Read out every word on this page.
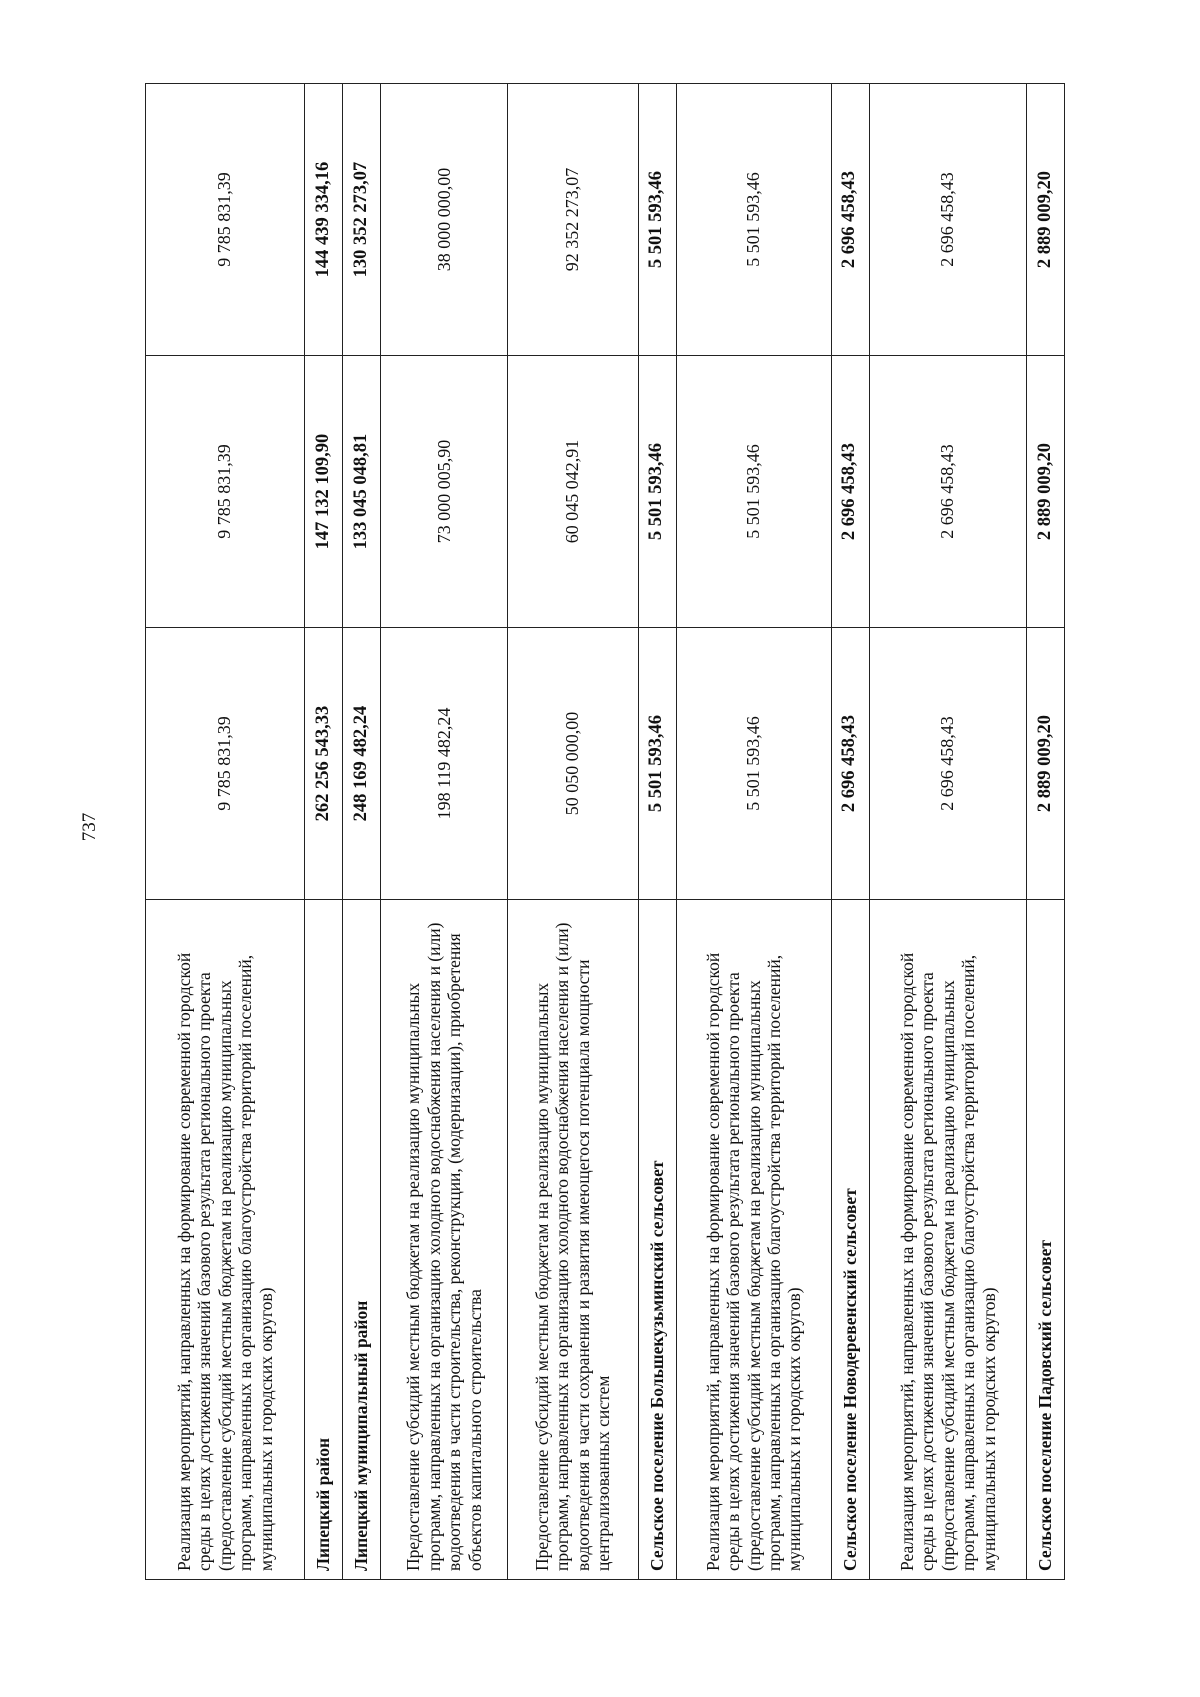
737
Реализация мероприятий, направленных на формирование современной городской среды в целях достижения значений базового результата регионального проекта (предоставление субсидий местным бюджетам на реализацию муниципальных программ, направленных на организацию благоустройства территорий поселений, муниципальных и городских округов)	9 785 831,39	9 785 831,39	9 785 831,39
Липецкий район	262 256 543,33	147 132 109,90	144 439 334,16
Липецкий муниципальный район	248 169 482,24	133 045 048,81	130 352 273,07
Предоставление субсидий местным бюджетам на реализацию муниципальных программ, направленных на организацию холодного водоснабжения населения и (или) водоотведения в части строительства, реконструкции, (модернизации), приобретения объектов капитального строительства	198 119 482,24	73 000 005,90	38 000 000,00
Предоставление субсидий местным бюджетам на реализацию муниципальных программ, направленных на организацию холодного водоснабжения населения и (или) водоотведения в части сохранения и развития имеющегося потенциала мощности централизованных систем	50 050 000,00	60 045 042,91	92 352 273,07
Сельское поселение Большекузьминский сельсовет	5 501 593,46	5 501 593,46	5 501 593,46
Реализация мероприятий, направленных на формирование современной городской среды в целях достижения значений базового результата регионального проекта (предоставление субсидий местным бюджетам на реализацию муниципальных программ, направленных на организацию благоустройства территорий поселений, муниципальных и городских округов)	5 501 593,46	5 501 593,46	5 501 593,46
Сельское поселение Новодеревенский сельсовет	2 696 458,43	2 696 458,43	2 696 458,43
Реализация мероприятий, направленных на формирование современной городской среды в целях достижения значений базового результата регионального проекта (предоставление субсидий местным бюджетам на реализацию муниципальных программ, направленных на организацию благоустройства территорий поселений, муниципальных и городских округов)	2 696 458,43	2 696 458,43	2 696 458,43
Сельское поселение Падовский сельсовет	2 889 009,20	2 889 009,20	2 889 009,20
